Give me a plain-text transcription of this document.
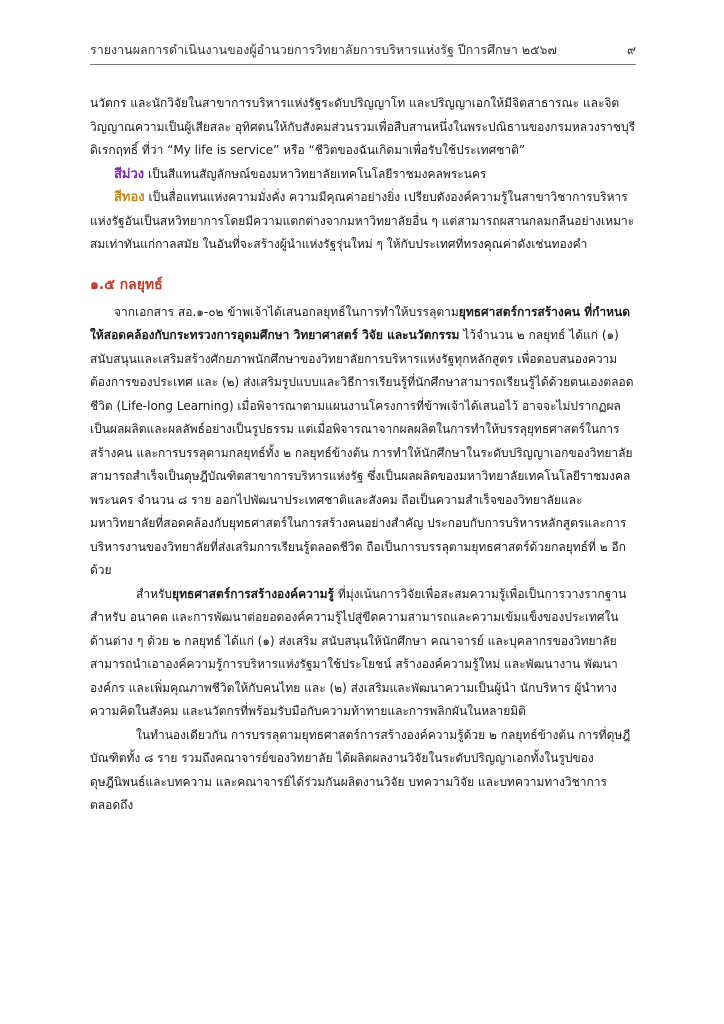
รายงานผลการดำเนินงานของผู้อำนวยการวิทยาลัยการบริหารแห่งรัฐ ปีการศึกษา ๒๕๖๗	๙

นวัตกร และนักวิจัยในสาขาการบริหารแห่งรัฐระดับปริญญาโท และปริญญาเอกให้มีจิตสาธารณะ และจิตวิญญาณความเป็นผู้เสียสละ อุทิศตนให้กับสังคมส่วนรวมเพื่อสืบสานหนึ่งในพระปณิธานของกรมหลวงราชบุรีดิเรกฤทธิ์ ที่ว่า “My life is service” หรือ “ชีวิตของฉันเกิดมาเพื่อรับใช้ประเทศชาติ”

สีม่วง เป็นสีแทนสัญลักษณ์ของมหาวิทยาลัยเทคโนโลยีราชมงคลพระนคร

สีทอง เป็นสื่อแทนแห่งความมั่งคั่ง ความมีคุณค่าอย่างยิ่ง เปรียบดังองค์ความรู้ในสาขาวิชาการบริหารแห่งรัฐอันเป็นสหวิทยาการโดยมีความแตกต่างจากมหาวิทยาลัยอื่น ๆ แต่สามารถผสานกลมกลืนอย่างเหมาะสมเท่าทันแก่กาลสมัย ในอันที่จะสร้างผู้นำแห่งรัฐรุ่นใหม่ ๆ ให้กับประเทศที่ทรงคุณค่าดังเช่นทองคำ

๑.๕ กลยุทธ์

จากเอกสาร สอ.๑-๐๒ ข้าพเจ้าได้เสนอกลยุทธ์ในการทำให้บรรลุตามยุทธศาสตร์การสร้างคน ที่กำหนดให้สอดคล้องกับกระทรวงการอุดมศึกษา วิทยาศาสตร์ วิจัย และนวัตกรรม ไว้จำนวน ๒ กลยุทธ์ ได้แก่ (๑) สนับสนุนและเสริมสร้างศักยภาพนักศึกษาของวิทยาลัยการบริหารแห่งรัฐทุกหลักสูตร เพื่อตอบสนองความต้องการของประเทศ และ (๒) ส่งเสริมรูปแบบและวิธีการเรียนรู้ที่นักศึกษาสามารถเรียนรู้ได้ด้วยตนเองตลอดชีวิต (Life-long Learning) เมื่อพิจารณาตามแผนงานโครงการที่ข้าพเจ้าได้เสนอไว้ อาจจะไม่ปรากฏผลเป็นผลผลิตและผลลัพธ์อย่างเป็นรูปธรรม แต่เมื่อพิจารณาจากผลผลิตในการทำให้บรรลุยุทธศาสตร์ในการสร้างคน และการบรรลุตามกลยุทธ์ทั้ง ๒ กลยุทธ์ข้างต้น การทำให้นักศึกษาในระดับปริญญาเอกของวิทยาลัย สามารถสำเร็จเป็นดุษฎีบัณฑิตสาขาการบริหารแห่งรัฐ ซึ่งเป็นผลผลิตของมหาวิทยาลัยเทคโนโลยีราชมงคลพระนคร จำนวน ๘ ราย ออกไปพัฒนาประเทศชาติและสังคม ถือเป็นความสำเร็จของวิทยาลัยและมหาวิทยาลัยที่สอดคล้องกับยุทธศาสตร์ในการสร้างคนอย่างสำคัญ ประกอบกับการบริหารหลักสูตรและการบริหารงานของวิทยาลัยที่ส่งเสริมการเรียนรู้ตลอดชีวิต ถือเป็นการบรรลุตามยุทธศาสตร์ด้วยกลยุทธ์ที่ ๒ อีกด้วย

สำหรับยุทธศาสตร์การสร้างองค์ความรู้ ที่มุ่งเน้นการวิจัยเพื่อสะสมความรู้เพื่อเป็นการวางรากฐานสำหรับ อนาคต และการพัฒนาต่อยอดองค์ความรู้ไปสู่ขีดความสามารถและความเข้มแข็งของประเทศในด้านต่าง ๆ ด้วย ๒ กลยุทธ์ ได้แก่ (๑) ส่งเสริม สนับสนุนให้นักศึกษา คณาจารย์ และบุคลากรของวิทยาลัยสามารถนำเอาองค์ความรู้การบริหารแห่งรัฐมาใช้ประโยชน์ สร้างองค์ความรู้ใหม่ และพัฒนางาน พัฒนาองค์กร และเพิ่มคุณภาพชีวิตให้กับคนไทย และ (๒) ส่งเสริมและพัฒนาความเป็นผู้นำ นักบริหาร ผู้นำทางความคิดในสังคม และนวัตกรที่พร้อมรับมือกับความท้าทายและการพลิกผันในหลายมิติ

ในทำนองเดียวกัน การบรรลุตามยุทธศาสตร์การสร้างองค์ความรู้ด้วย ๒ กลยุทธ์ข้างต้น การที่ดุษฎีบัณฑิตทั้ง ๘ ราย รวมถึงคณาจารย์ของวิทยาลัย ได้ผลิตผลงานวิจัยในระดับปริญญาเอกทั้งในรูปของดุษฎีนิพนธ์และบทความ และคณาจารย์ได้ร่วมกันผลิตงานวิจัย บทความวิจัย และบทความทางวิชาการ ตลอดถึง
